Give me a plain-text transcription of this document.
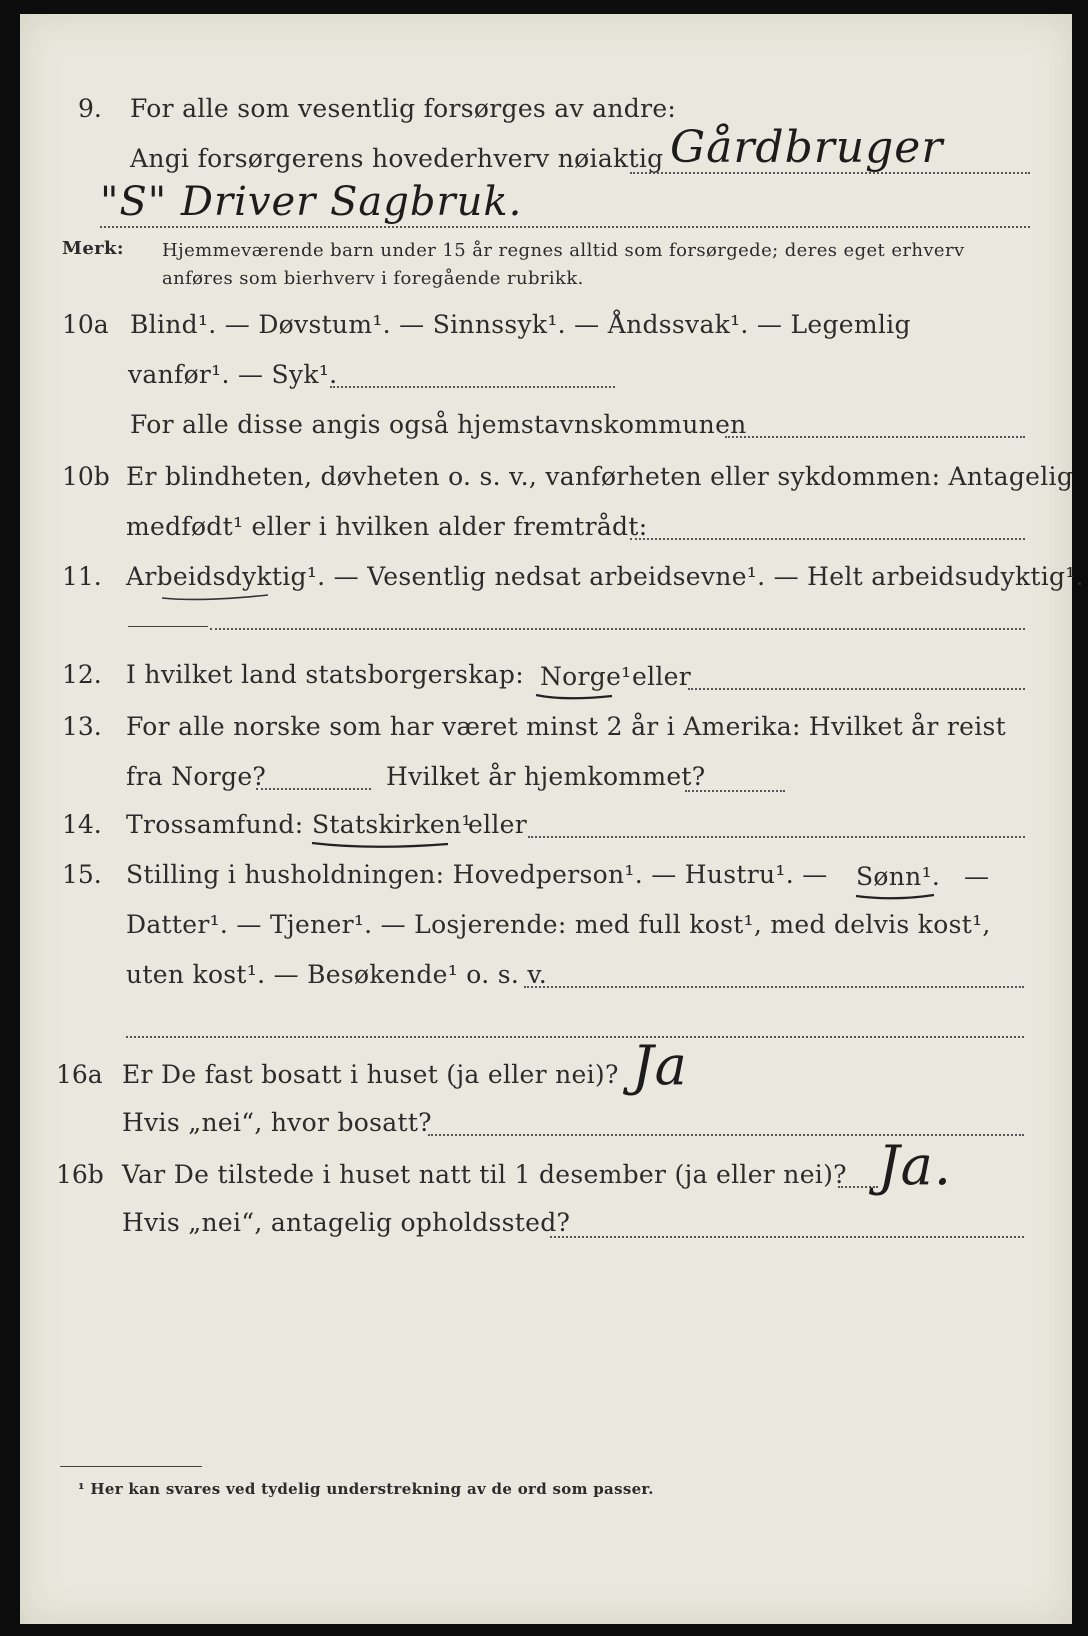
9. For alle som vesentlig forsørges av andre:
Angi forsørgerens hovederhverv nøiaktig Gårdbruger
"S" Driver Sagbruk.
Merk: Hjemmeværende barn under 15 år regnes alltid som forsørgede; deres eget erhverv
anføres som bierhverv i foregående rubrikk.
10a Blind¹. — Døvstum¹. — Sinnssyk¹. — Åndssvak¹. — Legemlig
vanfør¹. — Syk¹.
For alle disse angis også hjemstavnskommunen
10b Er blindheten, døvheten o. s. v., vanførheten eller sykdommen: Antagelig
medfødt¹ eller i hvilken alder fremtrådt:
11. Arbeidsdyktig¹. — Vesentlig nedsat arbeidsevne¹. — Helt arbeidsudyktig¹.
12. I hvilket land statsborgerskap: Norge¹ eller
13. For alle norske som har været minst 2 år i Amerika: Hvilket år reist
fra Norge?	Hvilket år hjemkommet?
14. Trossamfund: Statskirken¹
eller
15. Stilling i husholdningen: Hovedperson¹. — Hustru¹. — Sønn¹. —
Datter¹. — Tjener¹. — Losjerende: med full kost¹, med delvis kost¹,
uten kost¹. — Besøkende¹ o. s. v.
16a Er De fast bosatt i huset (ja eller nei)? Ja
Hvis „nei“, hvor bosatt?
16b Var De tilstede i huset natt til 1 desember (ja eller nei)? Ja.
Hvis „nei“, antagelig opholdssted?
¹ Her kan svares ved tydelig understrekning av de ord som passer.
